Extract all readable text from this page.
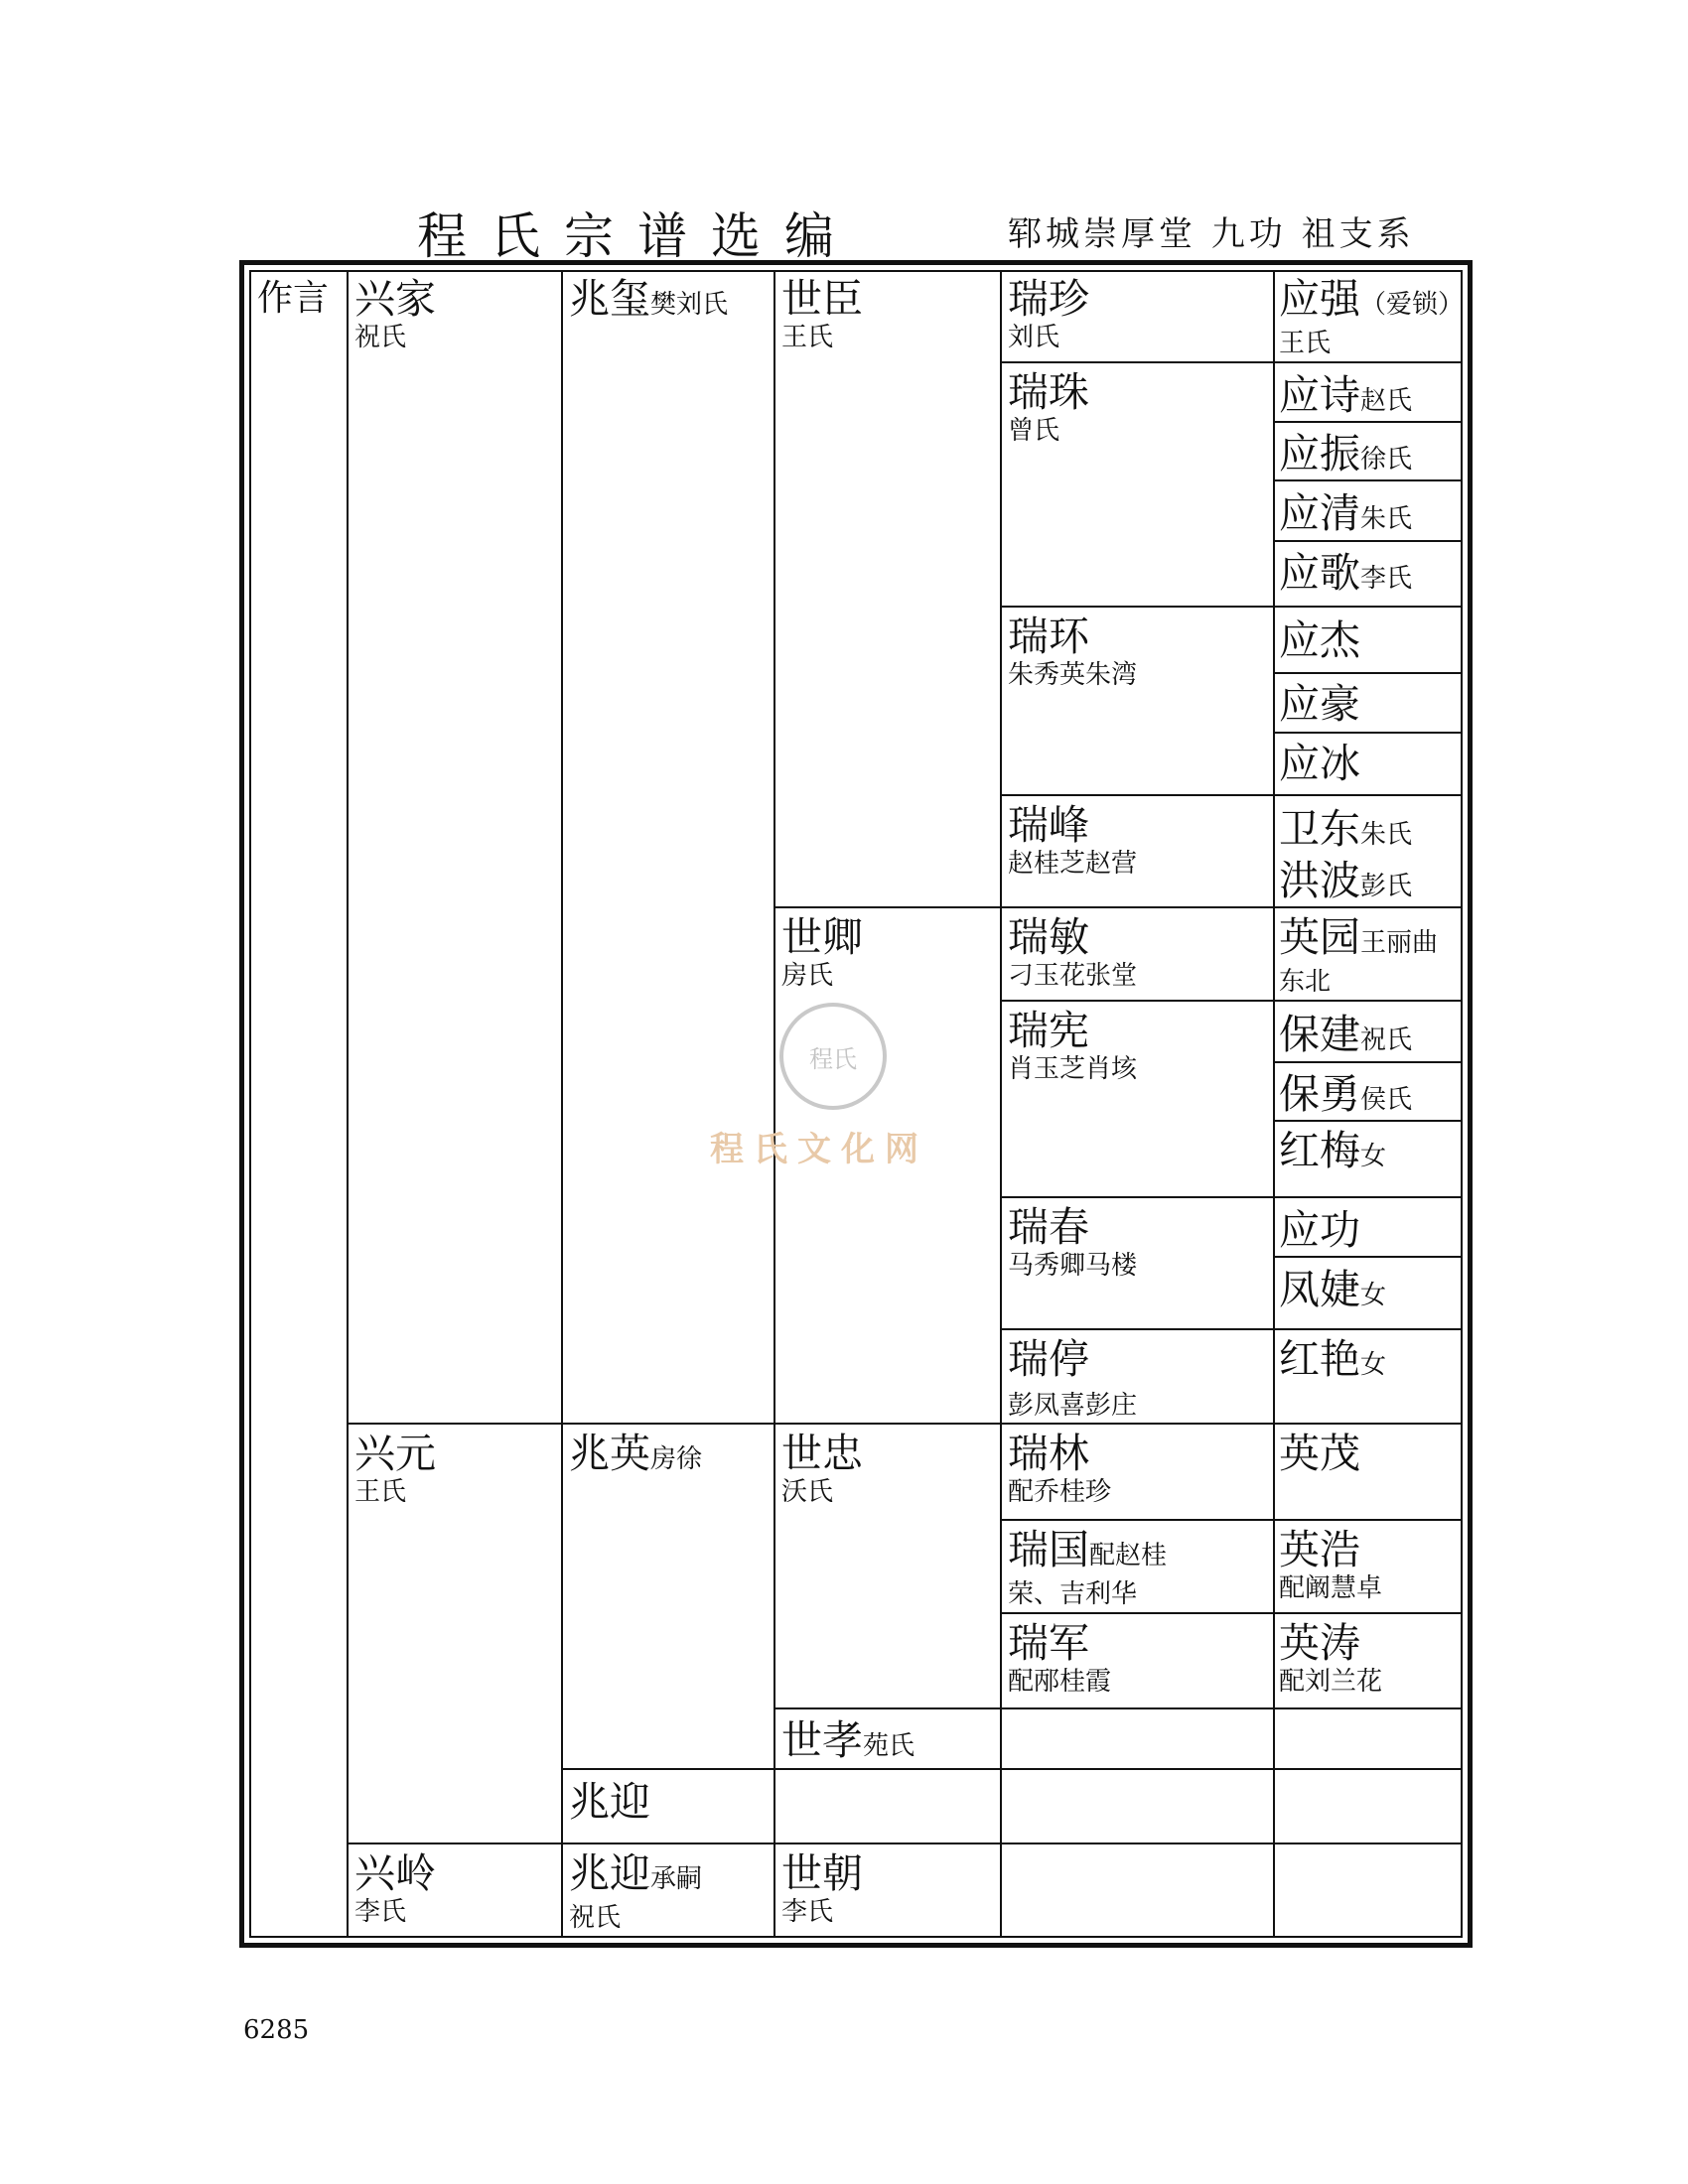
程氏宗谱选编	郓城崇厚堂 九功 祖支系
作言 兴家
祝氏
兴元
王氏
兴岭
李氏
兆玺樊刘氏
兆英房徐
兆迎
兆迎承嗣
祝氏
世臣
王氏
世卿
房氏
世忠
沃氏
世孝苑氏
世朝
李氏
瑞珍
刘氏
瑞珠
曾氏
瑞环
朱秀英朱湾
瑞峰
赵桂芝赵营
瑞敏
刁玉花张堂
瑞宪
肖玉芝肖垓
瑞春
马秀卿马楼
瑞停
彭凤喜彭庄
瑞林
配乔桂珍
瑞国配赵桂
荣、吉利华
瑞军
配邴桂霞
应强（爱锁）
王氏
应诗赵氏
应振徐氏
应清朱氏
应歌李氏
应杰
应豪
应冰
卫东朱氏
洪波彭氏
英园王丽曲
东北
保建祝氏
保勇侯氏
红梅女
应功
凤婕女
红艳女
英茂
英浩
配阚慧卓
英涛
配刘兰花
程氏
程氏文化网
6285
